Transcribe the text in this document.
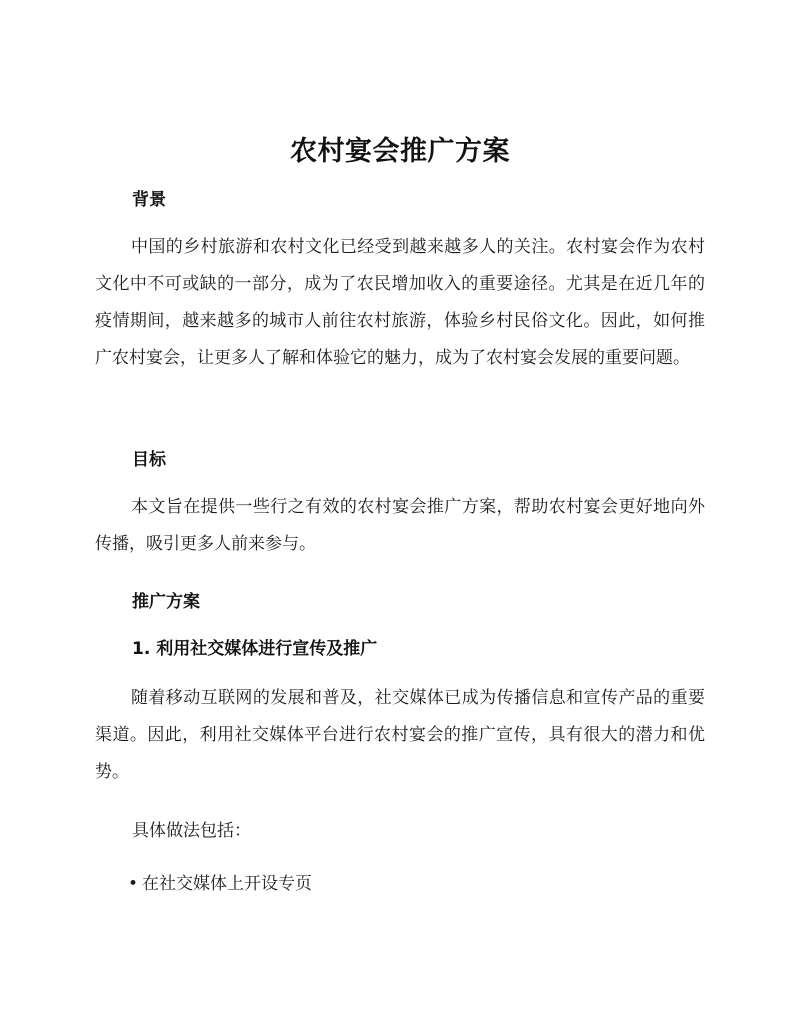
农村宴会推广方案
背景
中国的乡村旅游和农村文化已经受到越来越多人的关注。农村宴会作为农村文化中不可或缺的一部分，成为了农民增加收入的重要途径。尤其是在近几年的疫情期间，越来越多的城市人前往农村旅游，体验乡村民俗文化。因此，如何推广农村宴会，让更多人了解和体验它的魅力，成为了农村宴会发展的重要问题。
目标
本文旨在提供一些行之有效的农村宴会推广方案，帮助农村宴会更好地向外传播，吸引更多人前来参与。
推广方案
1. 利用社交媒体进行宣传及推广
随着移动互联网的发展和普及，社交媒体已成为传播信息和宣传产品的重要渠道。因此，利用社交媒体平台进行农村宴会的推广宣传，具有很大的潜力和优势。
具体做法包括：
• 在社交媒体上开设专页
